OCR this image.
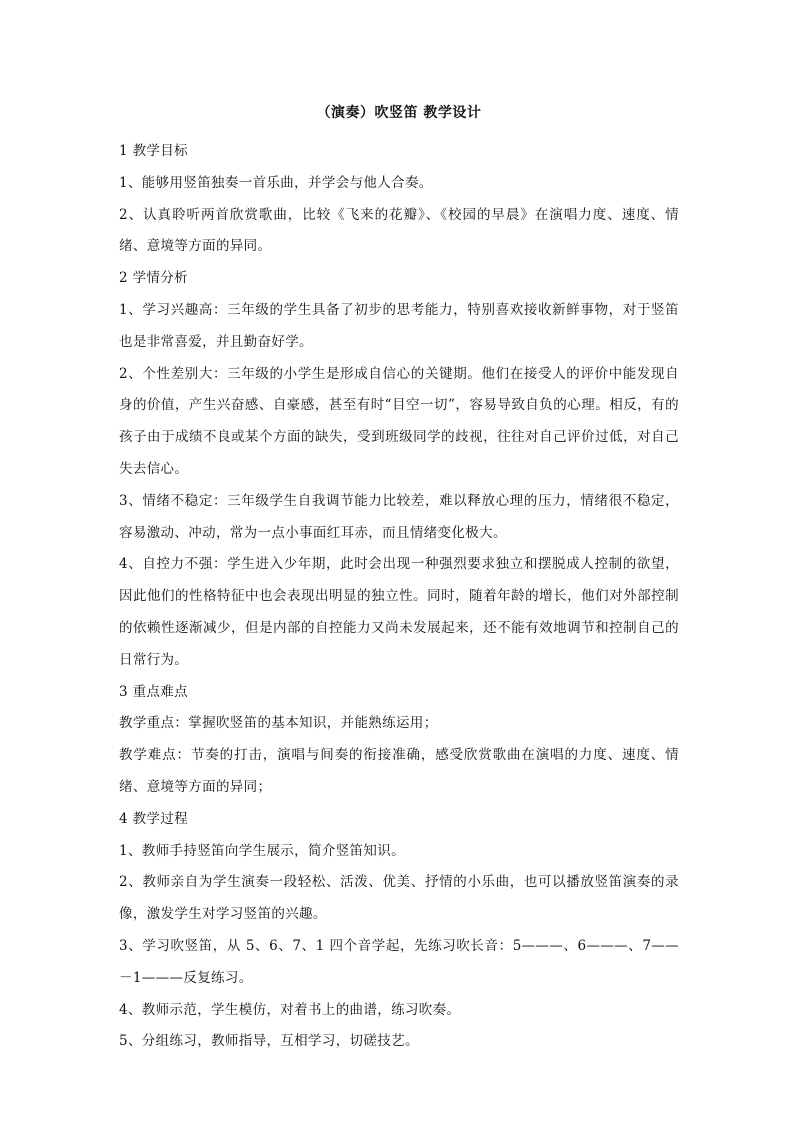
（演奏）吹竖笛 教学设计

1 教学目标

1、能够用竖笛独奏一首乐曲，并学会与他人合奏。

2、认真聆听两首欣赏歌曲，比较《飞来的花瓣》、《校园的早晨》在演唱力度、速度、情绪、意境等方面的异同。

2 学情分析

1、学习兴趣高：三年级的学生具备了初步的思考能力，特别喜欢接收新鲜事物，对于竖笛也是非常喜爱，并且勤奋好学。

2、个性差别大：三年级的小学生是形成自信心的关键期。他们在接受人的评价中能发现自身的价值，产生兴奋感、自豪感，甚至有时“目空一切”，容易导致自负的心理。相反，有的孩子由于成绩不良或某个方面的缺失，受到班级同学的歧视，往往对自己评价过低，对自己失去信心。

3、情绪不稳定：三年级学生自我调节能力比较差，难以释放心理的压力，情绪很不稳定，容易激动、冲动，常为一点小事面红耳赤，而且情绪变化极大。

4、自控力不强：学生进入少年期，此时会出现一种强烈要求独立和摆脱成人控制的欲望，因此他们的性格特征中也会表现出明显的独立性。同时，随着年龄的增长，他们对外部控制的依赖性逐渐减少，但是内部的自控能力又尚未发展起来，还不能有效地调节和控制自己的日常行为。

3 重点难点

教学重点：掌握吹竖笛的基本知识，并能熟练运用；

教学难点：节奏的打击，演唱与间奏的衔接准确，感受欣赏歌曲在演唱的力度、速度、情绪、意境等方面的异同；

4 教学过程

1、教师手持竖笛向学生展示，简介竖笛知识。

2、教师亲自为学生演奏一段轻松、活泼、优美、抒情的小乐曲，也可以播放竖笛演奏的录像，激发学生对学习竖笛的兴趣。

3、学习吹竖笛，从 5、6、7、1 四个音学起，先练习吹长音：5———、6———、7——－1———反复练习。

4、教师示范，学生模仿，对着书上的曲谱，练习吹奏。

5、分组练习，教师指导，互相学习，切磋技艺。
